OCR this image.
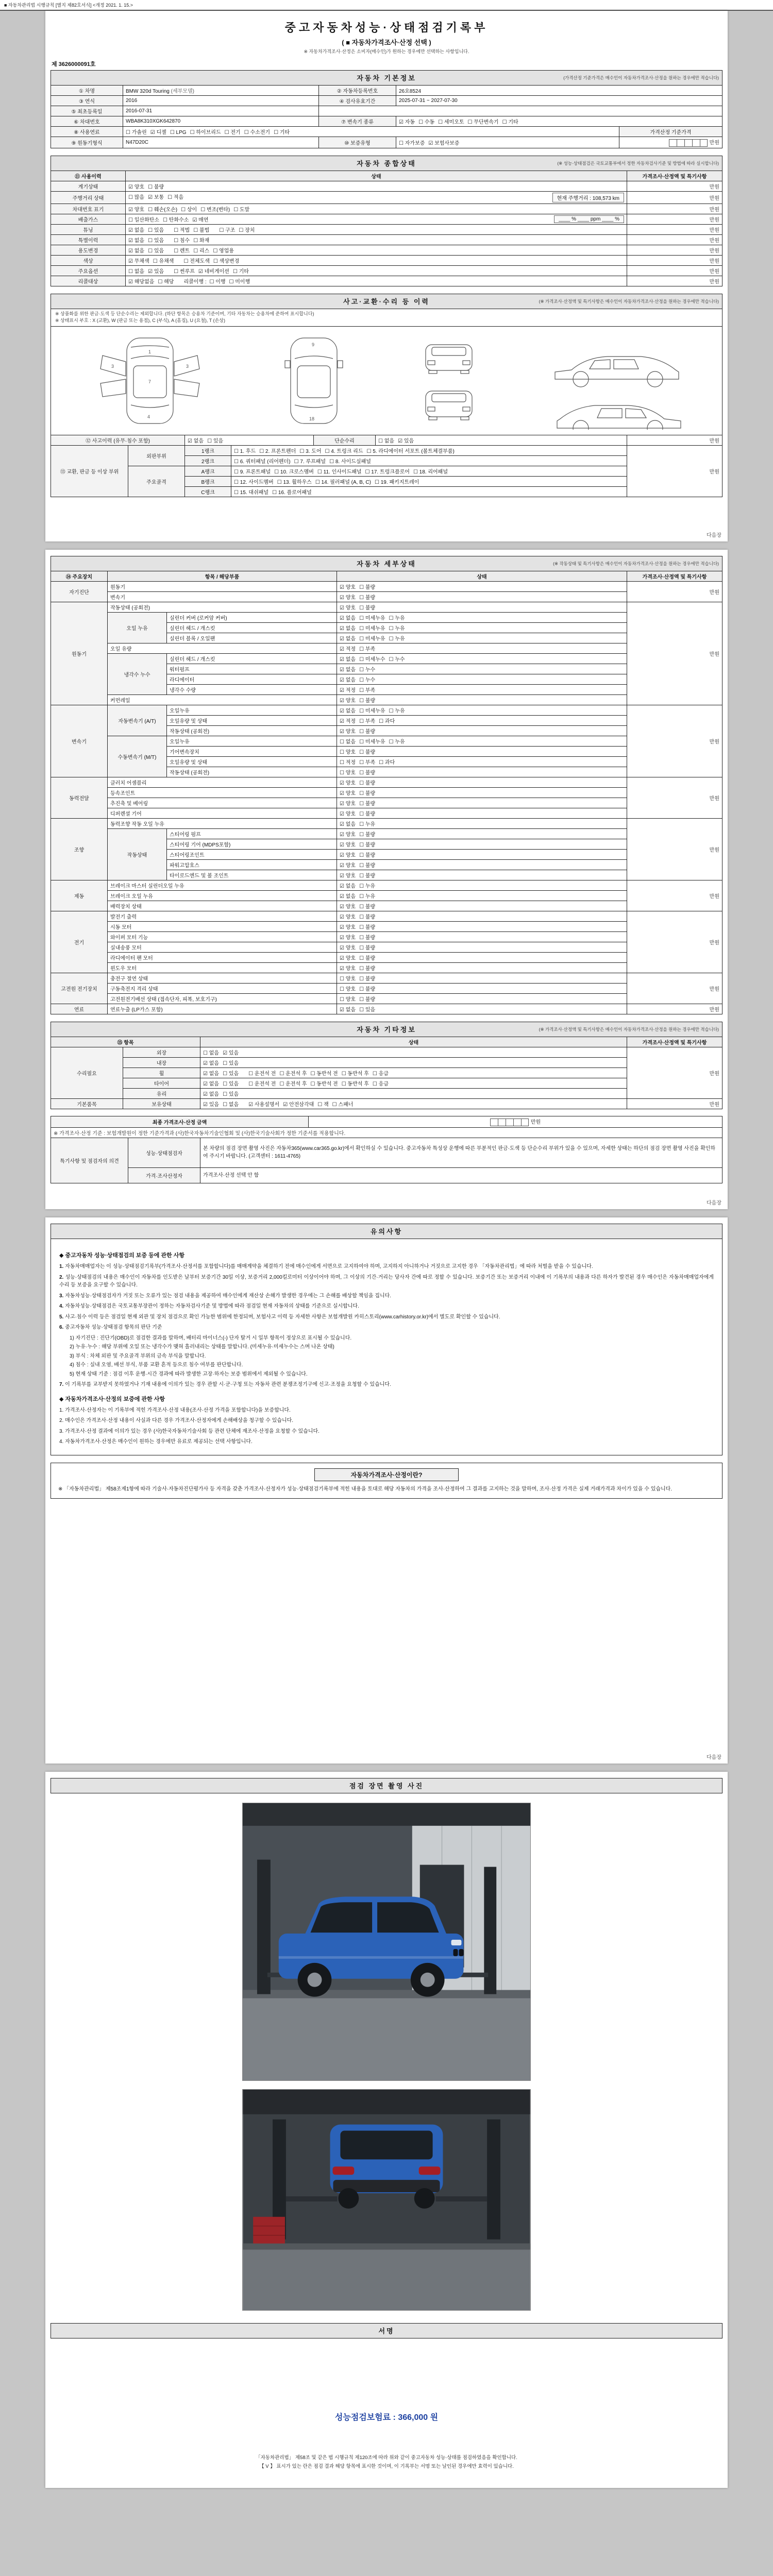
■ 자동차관리법 시행규칙 [별지 제82호서식] <개정 2021. 1. 15.>
중고자동차성능·상태점검기록부
( ■ 자동차가격조사·산정 선택 )
※ 자동차가격조사·산정은 소비자(매수인)가 원하는 경우에만 선택하는 사항입니다.
제 3626000091호
자동차 기본정보	(가격산정 기준가격은 매수인이 자동차가격조사·산정을 원하는 경우에만 적습니다)
① 차명	BMW 320d Touring (세부모델)	② 자동차등록번호	26요8524	
③ 연식	2016	④ 검사유효기간	2025-07-31 ~ 2027-07-30	
⑤ 최초등록일	2016-07-31			
⑥ 차대번호	WBA8K310XGK642870	⑦ 변속기 종류	☑ 자동 ☐ 수동 ☐ 세미오토 ☐ 무단변속기 ☐ 기타	
⑧ 사용연료	☐ 가솔린 ☑ 디젤 ☐ LPG ☐ 하이브리드 ☐ 전기 ☐ 수소전기 ☐ 기타			가격산정 기준가격
⑨ 원동기형식	N47D20C	⑩ 보증유형	☐ 자가보증 ☑ 보험사보증	만원
자동차 종합상태	(※ 성능·상태점검은 국토교통부에서 정한 자동차검사기준 및 방법에 따라 실시합니다)
⑪ 사용이력	상태	가격조사·산정액 및 특기사항
계기상태	☑ 양호 ☐ 불량	만원
주행거리 상태	☐ 많음 ☑ 보통 ☐ 적음 현재 주행거리 : 108,573 km	만원
차대번호 표기	☑ 양호 ☐ 훼손(오손) ☐ 상이 ☐ 변조(변타) ☐ 도말	만원
배출가스	☐ 일산화탄소 ☐ 탄화수소 ☑ 매연 ____ % ____ ppm ____ %	만원
튜닝	☑ 없음 ☐ 있음 ☐ 적법 ☐ 불법 ☐ 구조 ☐ 장치	만원
특별이력	☑ 없음 ☐ 있음 ☐ 침수 ☐ 화재	만원
용도변경	☑ 없음 ☐ 있음 ☐ 렌트 ☐ 리스 ☐ 영업용	만원
색상	☑ 무채색 ☐ 유채색 ☐ 전체도색 ☐ 색상변경	만원
주요옵션	☐ 없음 ☑ 있음 ☐ 썬루프 ☑ 네비게이션 ☐ 기타	만원
리콜대상	☑ 해당없음 ☐ 해당 리콜이행 : ☐ 이행 ☐ 미이행	만원
사고·교환·수리 등 이력	(※ 가격조사·산정액 및 특기사항은 매수인이 자동차가격조사·산정을 원하는 경우에만 적습니다)
※ 상품화를 위한 판금·도색 등 단순수리는 제외합니다. (하단 항목은 승용차 기준이며, 기타 자동차는 승용차에 준하여 표시합니다)
※ 상태표시 부호 : X (교환), W (판금 또는 용접), C (부식), A (흠집), U (요철), T (손상)
1
7
4
3	3
9
18
⑫ 사고이력 (유무·침수 포함)	☑ 없음 ☐ 있음	단순수리	☐ 없음 ☑ 있음	만원
⑬ 교환, 판금 등 이상 부위	외판부위	1랭크	☐ 1. 후드 ☐ 2. 프론트펜더 ☐ 3. 도어 ☐ 4. 트렁크 리드 ☐ 5. 라디에이터 서포트 (볼트체결부품)	만원
		2랭크	☐ 6. 쿼터패널 (리어펜더) ☐ 7. 루프패널 ☐ 8. 사이드실패널	
	주요골격	A랭크	☐ 9. 프론트패널 ☐ 10. 크로스멤버 ☐ 11. 인사이드패널 ☐ 17. 트렁크플로어 ☐ 18. 리어패널	
		B랭크	☐ 12. 사이드멤버 ☐ 13. 휠하우스 ☐ 14. 필러패널 (A, B, C) ☐ 19. 패키지트레이	
		C랭크	☐ 15. 대쉬패널 ☐ 16. 플로어패널	
다음장
자동차 세부상태	(※ 작동상태 및 특기사항은 매수인이 자동차가격조사·산정을 원하는 경우에만 적습니다)
⑭ 주요장치	항목 / 해당부품		상태	가격조사·산정액 및 특기사항
자기진단	원동기		☑ 양호 ☐ 불량	만원
	변속기		☑ 양호 ☐ 불량	
원동기	작동상태 (공회전)		☑ 양호 ☐ 불량	만원
	오일 누유	실린더 커버 (로커암 커버)	☑ 없음 ☐ 미세누유 ☐ 누유	
		실린더 헤드 / 개스킷	☑ 없음 ☐ 미세누유 ☐ 누유	
		실린더 블록 / 오일팬	☑ 없음 ☐ 미세누유 ☐ 누유	
	오일 유량		☑ 적정 ☐ 부족	
	냉각수 누수	실린더 헤드 / 개스킷	☑ 없음 ☐ 미세누수 ☐ 누수	
		워터펌프	☑ 없음 ☐ 누수	
		라디에이터	☑ 없음 ☐ 누수	
		냉각수 수량	☑ 적정 ☐ 부족	
	커먼레일		☑ 양호 ☐ 불량	
변속기	자동변속기 (A/T)	오일누유	☑ 없음 ☐ 미세누유 ☐ 누유	만원
		오일유량 및 상태	☑ 적정 ☐ 부족 ☐ 과다	
		작동상태 (공회전)	☑ 양호 ☐ 불량	
	수동변속기 (M/T)	오일누유	☐ 없음 ☐ 미세누유 ☐ 누유	
		기어변속장치	☐ 양호 ☐ 불량	
		오일유량 및 상태	☐ 적정 ☐ 부족 ☐ 과다	
		작동상태 (공회전)	☐ 양호 ☐ 불량	
동력전달	클러치 어셈블리		☑ 양호 ☐ 불량	만원
	등속조인트		☑ 양호 ☐ 불량	
	추진축 및 베어링		☑ 양호 ☐ 불량	
	디퍼렌셜 기어		☑ 양호 ☐ 불량	
조향	동력조향 작동 오일 누유		☑ 없음 ☐ 누유	만원
	작동상태	스티어링 펌프	☑ 양호 ☐ 불량	
		스티어링 기어 (MDPS포함)	☑ 양호 ☐ 불량	
		스티어링조인트	☑ 양호 ☐ 불량	
		파워고압호스	☑ 양호 ☐ 불량	
		타이로드엔드 및 볼 조인트	☑ 양호 ☐ 불량	
제동	브레이크 마스터 실린더오일 누유		☑ 없음 ☐ 누유	만원
	브레이크 오일 누유		☑ 없음 ☐ 누유	
	배력장치 상태		☑ 양호 ☐ 불량	
전기	발전기 출력		☑ 양호 ☐ 불량	만원
	시동 모터		☑ 양호 ☐ 불량	
	와이퍼 모터 기능		☑ 양호 ☐ 불량	
	실내송풍 모터		☑ 양호 ☐ 불량	
	라디에이터 팬 모터		☑ 양호 ☐ 불량	
	윈도우 모터		☑ 양호 ☐ 불량	
고전원 전기장치	충전구 절연 상태		☐ 양호 ☐ 불량	만원
	구동축전지 격리 상태		☐ 양호 ☐ 불량	
	고전원전기배선 상태 (접속단자, 피복, 보호기구)		☐ 양호 ☐ 불량	
연료	연료누출 (LP가스 포함)		☑ 없음 ☐ 있음	만원
자동차 기타정보	(※ 가격조사·산정액 및 특기사항은 매수인이 자동차가격조사·산정을 원하는 경우에만 적습니다)
⑮ 항목		상태	가격조사·산정액 및 특기사항
수리필요	외장	☐ 없음 ☑ 있음	만원
	내장	☑ 없음 ☐ 있음	
	휠	☑ 없음 ☐ 있음 ☐ 운전석 전 ☐ 운전석 후 ☐ 동반석 전 ☐ 동반석 후 ☐ 응급	
	타이어	☑ 없음 ☐ 있음 ☐ 운전석 전 ☐ 운전석 후 ☐ 동반석 전 ☐ 동반석 후 ☐ 응급	
	유리	☑ 없음 ☐ 있음	
기본품목	보유상태	☑ 있음 ☐ 없음 ☑ 사용설명서 ☑ 안전삼각대 ☐ 잭 ☐ 스패너	만원
최종 가격조사·산정 금액	만원
※ 가격조사·산정 기준 : 보험개발원이 정한 기준가격과 (사)한국자동차기술인협회 및 (사)한국기술사회가 정한 기준서를 적용합니다.
특기사항 및 점검자의 의견	성능·상태점검자	본 차량의 점검 장면 촬영 사진은 자동차365(www.car365.go.kr)에서 확인하실 수 있습니다. 중고자동차 특성상 운행에 따른 부분적인 판금·도색 등 단순수리 부위가 있을 수 있으며, 자세한 상태는 하단의 점검 장면 촬영 사진을 확인하여 주시기 바랍니다. (고객센터 : 1611-4765)
	가격·조사산정자	가격조사·산정 선택 안 함
다음장
유의사항
◆ 중고자동차 성능·상태점검의 보증 등에 관한 사항
1. 자동차매매업자는 이 성능·상태점검기록부(가격조사·산정서를 포함합니다)를 매매계약을 체결하기 전에 매수인에게 서면으로 고지하여야 하며, 고지하지 아니하거나 거짓으로 고지한 경우 「자동차관리법」에 따라 처벌을 받을 수 있습니다.
2. 성능·상태점검의 내용은 매수인이 자동차를 인도받은 날부터 보증기간 30일 이상, 보증거리 2,000킬로미터 이상이어야 하며, 그 이상의 기간·거리는 당사자 간에 따로 정할 수 있습니다. 보증기간 또는 보증거리 이내에 이 기록부의 내용과 다른 하자가 발견된 경우 매수인은 자동차매매업자에게 수리 등 보증을 요구할 수 있습니다.
3. 자동차성능·상태점검자가 거짓 또는 오류가 있는 점검 내용을 제공하여 매수인에게 재산상 손해가 발생한 경우에는 그 손해를 배상할 책임을 집니다.
4. 자동차성능·상태점검은 국토교통부장관이 정하는 자동차검사기준 및 방법에 따라 점검일 현재 자동차의 상태를 기준으로 실시합니다.
5. 사고·침수 이력 등은 점검일 현재 외관 및 장치 점검으로 확인 가능한 범위에 한정되며, 보험사고 이력 등 자세한 사항은 보험개발원 카히스토리(www.carhistory.or.kr)에서 별도로 확인할 수 있습니다.
6. 중고자동차 성능·상태점검 항목의 판단 기준
1) 자기진단 : 진단기(OBD)로 점검한 결과를 말하며, 배터리 마이너스(-) 단자 탈거 시 일부 항목이 정상으로 표시될 수 있습니다.
2) 누유·누수 : 해당 부위에 오일 또는 냉각수가 맺혀 흘러내리는 상태를 말합니다. (미세누유·미세누수는 스며 나온 상태)
3) 부식 : 차체 외판 및 주요골격 부위의 금속 부식을 말합니다.
4) 침수 : 실내 오염, 배선 부식, 부품 교환 흔적 등으로 침수 여부를 판단합니다.
5) 현재 상태 기준 : 점검 이후 운행·시간 경과에 따라 발생한 고장·하자는 보증 범위에서 제외될 수 있습니다.
7. 이 기록부를 교부받지 못하였거나 기재 내용에 이의가 있는 경우 관할 시·군·구청 또는 자동차 관련 분쟁조정기구에 신고·조정을 요청할 수 있습니다.
◆ 자동차가격조사·산정의 보증에 관한 사항
1. 가격조사·산정자는 이 기록부에 적힌 가격조사·산정 내용(조사·산정 가격을 포함합니다)을 보증합니다.
2. 매수인은 가격조사·산정 내용이 사실과 다른 경우 가격조사·산정자에게 손해배상을 청구할 수 있습니다.
3. 가격조사·산정 결과에 이의가 있는 경우 (사)한국자동차기술사회 등 관련 단체에 재조사·산정을 요청할 수 있습니다.
4. 자동차가격조사·산정은 매수인이 원하는 경우에만 유료로 제공되는 선택 사항입니다.
자동차가격조사·산정이란?
※ 「자동차관리법」 제58조제1항에 따라 기술사·자동차진단평가사 등 자격을 갖춘 가격조사·산정자가 성능·상태점검기록부에 적힌 내용을 토대로 해당 자동차의 가격을 조사·산정하여 그 결과를 고지하는 것을 말하며, 조사·산정 가격은 실제 거래가격과 차이가 있을 수 있습니다.
다음장
점검 장면 촬영 사진
서명
성능점검보험료 : 366,000 원
「자동차관리법」 제58조 및 같은 법 시행규칙 제120조에 따라 위와 같이 중고자동차 성능·상태를 점검하였음을 확인합니다.
【 V 】 표시가 있는 란은 점검 결과 해당 항목에 표시한 것이며, 이 기록부는 서명 또는 날인된 경우에만 효력이 있습니다.
